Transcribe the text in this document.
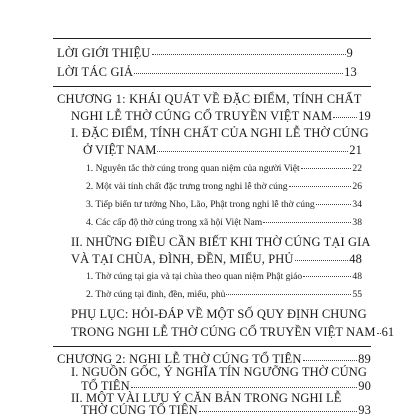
LỜI GIỚI THIỆU	9
LỜI TÁC GIẢ	13
CHƯƠNG 1: KHÁI QUÁT VỀ ĐẶC ĐIỂM, TÍNH CHẤT
NGHI LỄ THỜ CÚNG CỔ TRUYỀN VIỆT NAM 19
I. ĐẶC ĐIỂM, TÍNH CHẤT CỦA NGHI LỄ THỜ CÚNG
Ở VIỆT NAM	21
1. Nguyên tắc thờ cúng trong quan niệm của người Việt	22
2. Một vài tính chất đặc trưng trong nghi lễ thờ cúng	26
3. Tiếp biến tư tưởng Nho, Lão, Phật trong nghi lễ thờ cúng	34
4. Các cấp độ thờ cúng trong xã hội Việt Nam	38
II. NHỮNG ĐIỀU CẦN BIẾT KHI THỜ CÚNG TẠI GIA
VÀ TẠI CHÙA, ĐÌNH, ĐỀN, MIẾU, PHỦ	48
1. Thờ cúng tại gia và tại chùa theo quan niệm Phật giáo	48
2. Thờ cúng tại đình, đền, miếu, phủ	55
PHỤ LỤC: HỎI-ĐÁP VỀ MỘT SỐ QUY ĐỊNH CHUNG
TRONG NGHI LỄ THỜ CÚNG CỔ TRUYỀN VIỆT NAM 61
CHƯƠNG 2: NGHI LỄ THỜ CÚNG TỔ TIÊN	89
I. NGUỒN GỐC, Ý NGHĨA TÍN NGƯỠNG THỜ CÚNG
TỔ TIÊN	90
II. MỘT VÀI LƯU Ý CĂN BẢN TRONG NGHI LỄ
THỜ CÚNG TỔ TIÊN	93
